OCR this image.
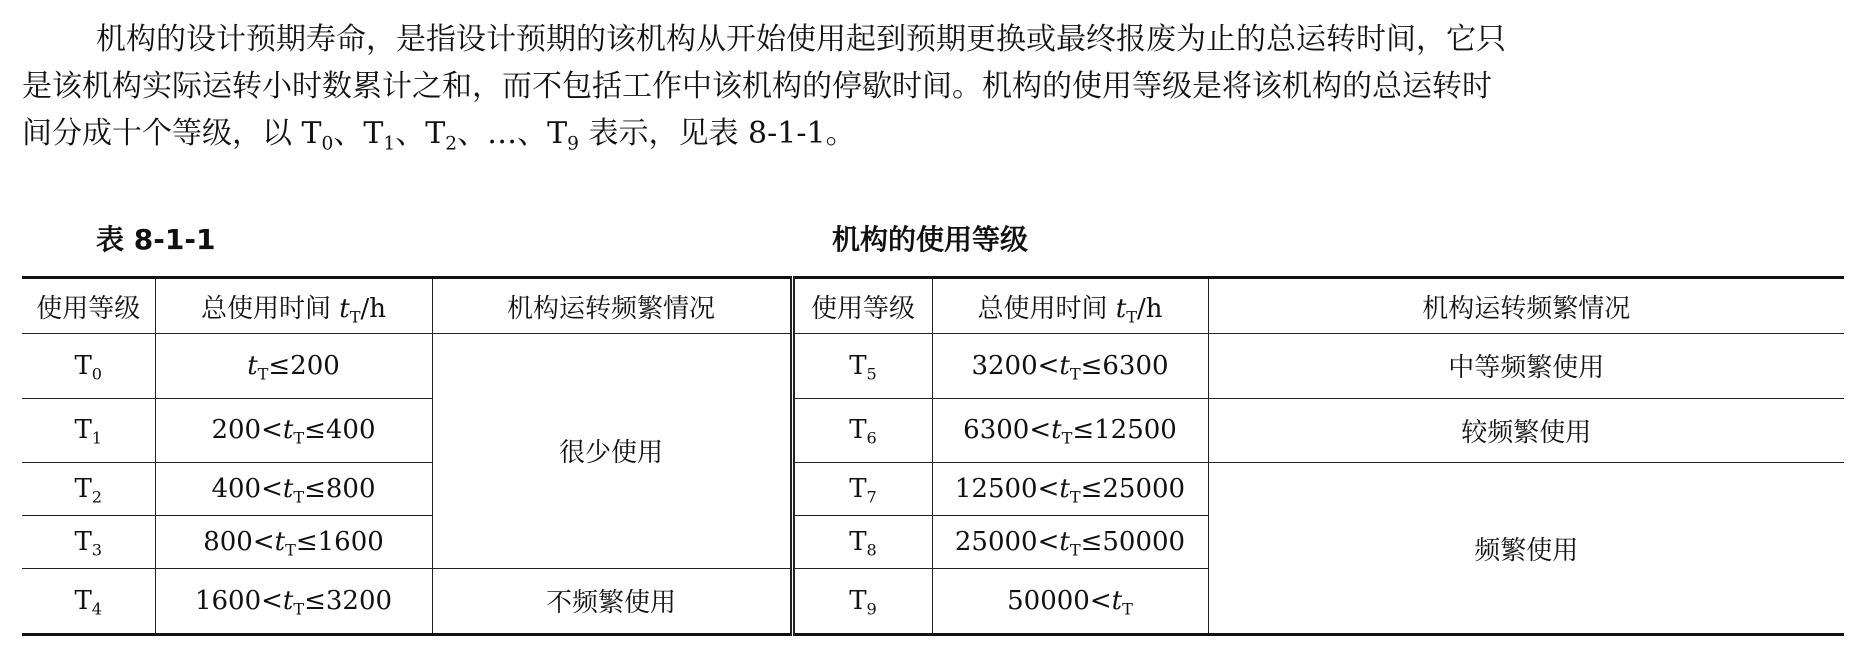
机构的设计预期寿命，是指设计预期的该机构从开始使用起到预期更换或最终报废为止的总运转时间，它只

是该机构实际运转小时数累计之和，而不包括工作中该机构的停歇时间。机构的使用等级是将该机构的总运转时

间分成十个等级，以 $T_0$、$T_1$、$T_2$、…、$T_9$ 表示，见表 8-1-1。

机构的使用等级
表 8-1-1
使用等级	总使用时间 $t_T/h$	机构运转频繁情况	使用等级	总使用时间 $t_T/h$	机构运转频繁情况
$T_0$	$t_T\le 200$	很少使用	$T_5$	$3200<t_T\le 6300$	中等频繁使用
$T_1$	$200<t_T\le 400$		$T_6$	$6300<t_T\le 12500$	较频繁使用
$T_2$	$400<t_T\le 800$		$T_7$	$12500<t_T\le 25000$	频繁使用
$T_3$	$800<t_T\le 1600$		$T_8$	$25000<t_T\le 50000$	
$T_4$	$1600<t_T\le 3200$	不频繁使用	$T_9$	$50000<t_T$
